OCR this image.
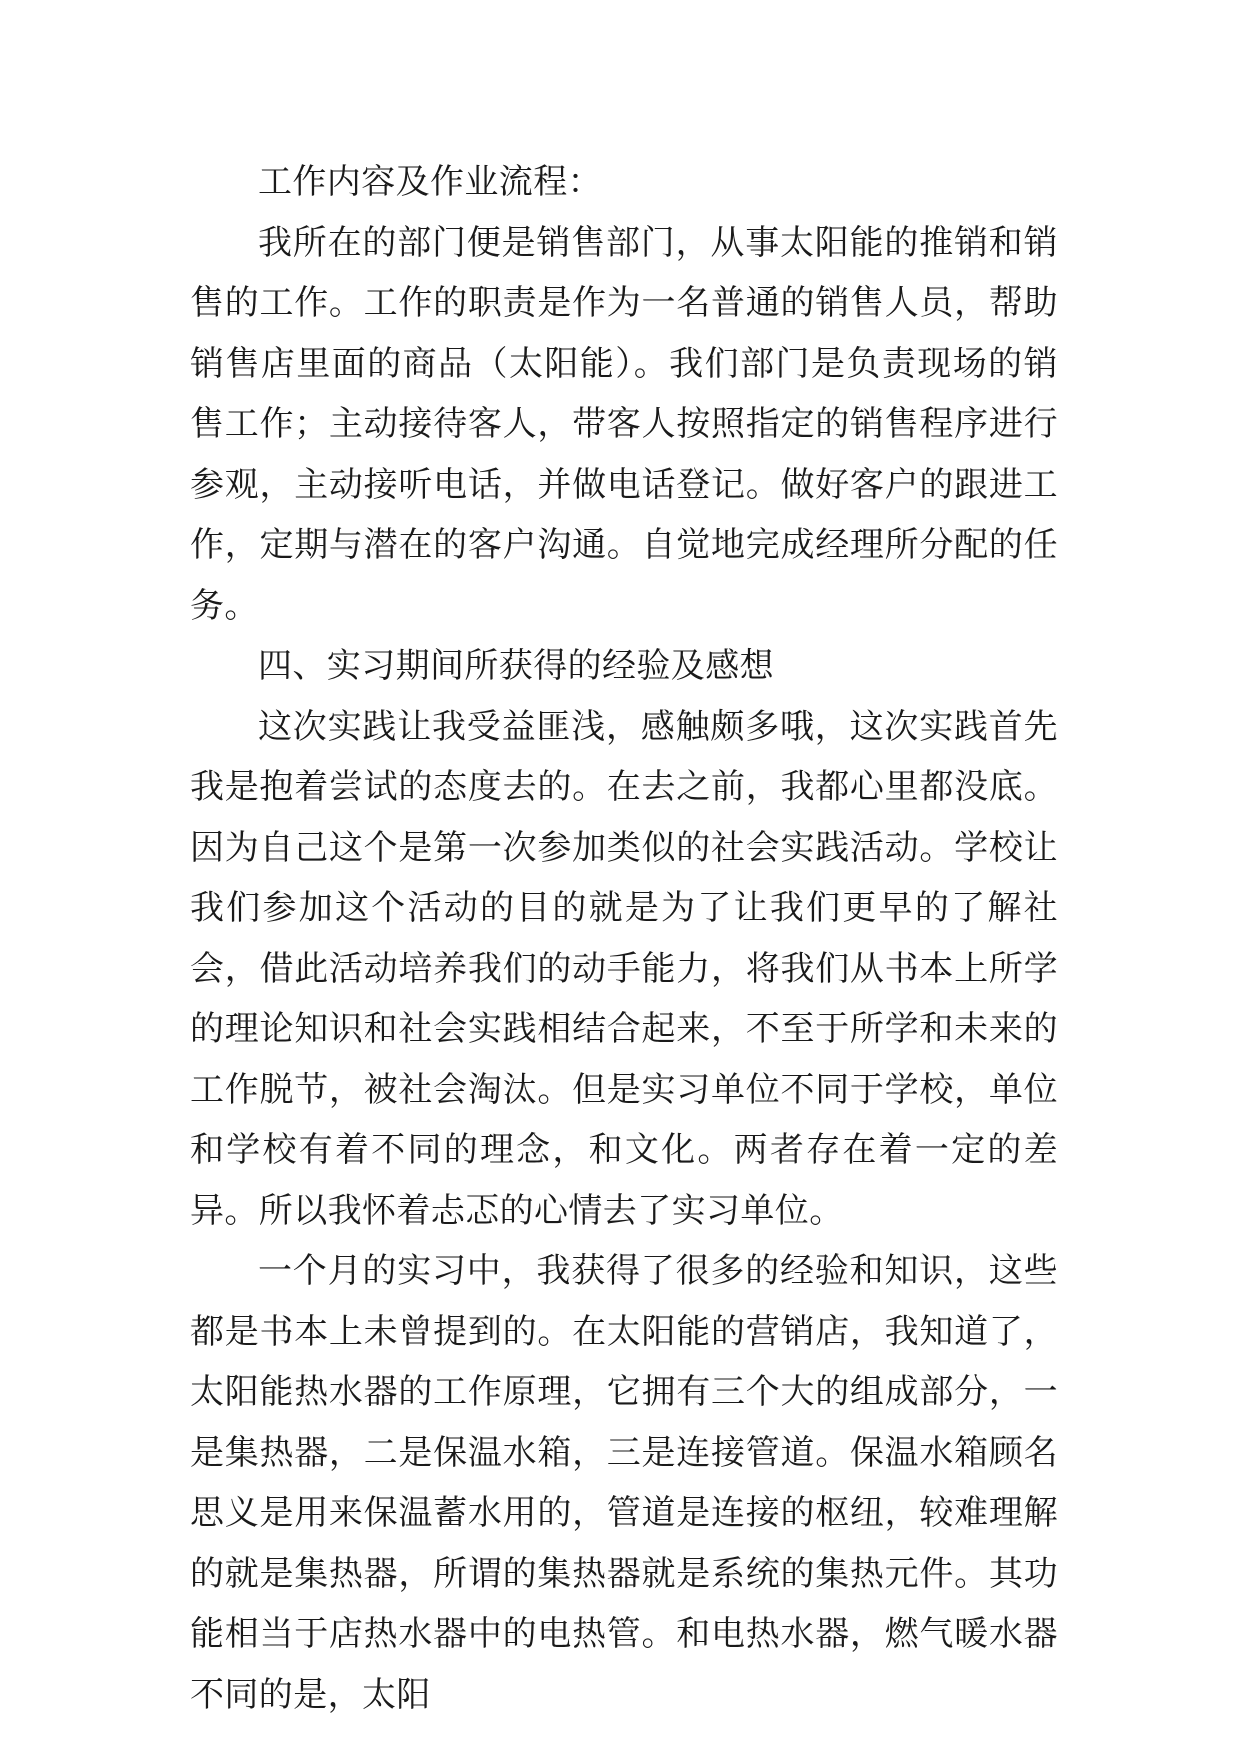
工作内容及作业流程：

我所在的部门便是销售部门，从事太阳能的推销和销售的工作。工作的职责是作为一名普通的销售人员，帮助销售店里面的商品（太阳能）。我们部门是负责现场的销售工作；主动接待客人，带客人按照指定的销售程序进行参观，主动接听电话，并做电话登记。做好客户的跟进工作，定期与潜在的客户沟通。自觉地完成经理所分配的任务。

四、实习期间所获得的经验及感想

这次实践让我受益匪浅，感触颇多哦，这次实践首先我是抱着尝试的态度去的。在去之前，我都心里都没底。因为自己这个是第一次参加类似的社会实践活动。学校让我们参加这个活动的目的就是为了让我们更早的了解社会，借此活动培养我们的动手能力，将我们从书本上所学的理论知识和社会实践相结合起来，不至于所学和未来的工作脱节，被社会淘汰。但是实习单位不同于学校，单位和学校有着不同的理念，和文化。两者存在着一定的差异。所以我怀着忐忑的心情去了实习单位。

一个月的实习中，我获得了很多的经验和知识，这些都是书本上未曾提到的。在太阳能的营销店，我知道了，太阳能热水器的工作原理，它拥有三个大的组成部分，一是集热器，二是保温水箱，三是连接管道。保温水箱顾名思义是用来保温蓄水用的，管道是连接的枢纽，较难理解的就是集热器，所谓的集热器就是系统的集热元件。其功能相当于店热水器中的电热管。和电热水器，燃气暖水器不同的是，太阳
